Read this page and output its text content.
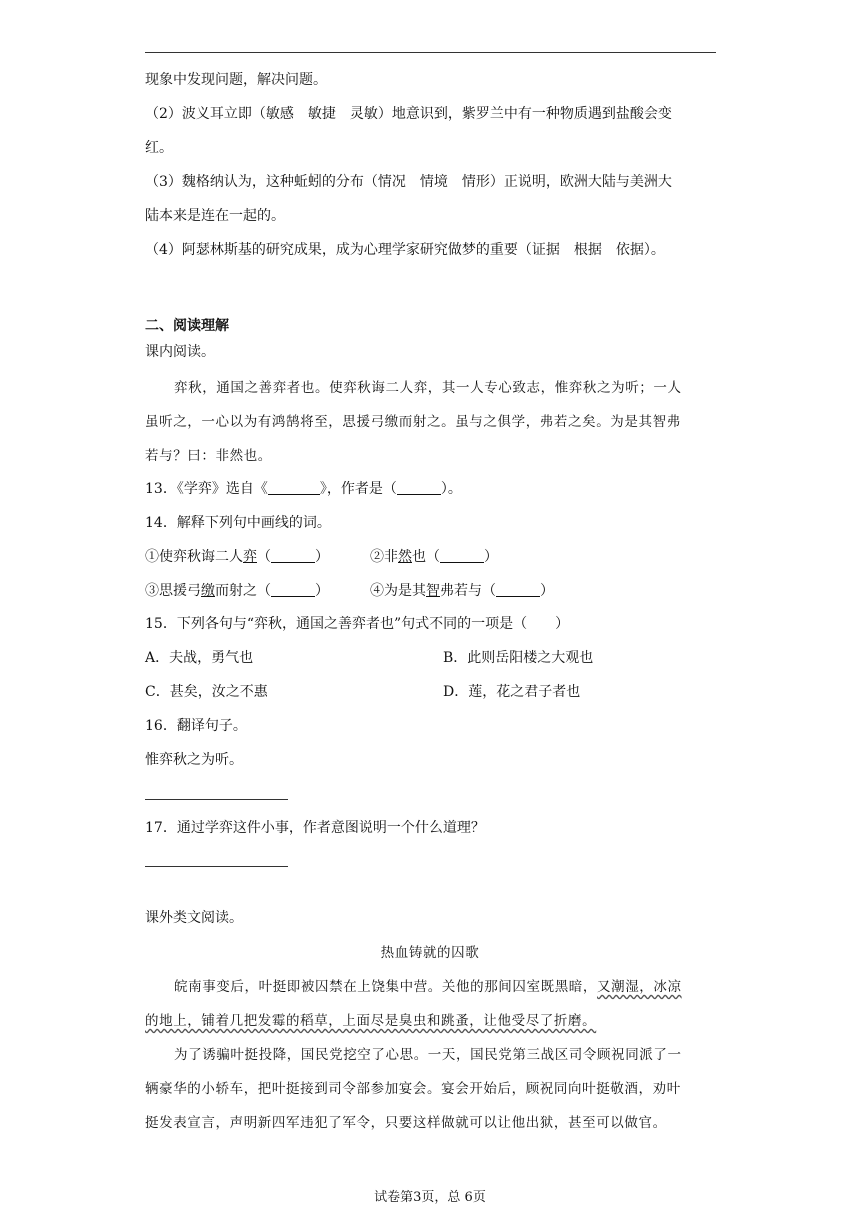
现象中发现问题，解决问题。
（2）波义耳立即（敏感　敏捷　灵敏）地意识到，紫罗兰中有一种物质遇到盐酸会变
红。
（3）魏格纳认为，这种蚯蚓的分布（情况　情境　情形）正说明，欧洲大陆与美洲大
陆本来是连在一起的。
（4）阿瑟林斯基的研究成果，成为心理学家研究做梦的重要（证据　根据　依据）。
二、阅读理解
课内阅读。
弈秋，通国之善弈者也。使弈秋诲二人弈，其一人专心致志，惟弈秋之为听；一人
虽听之，一心以为有鸿鹄将至，思援弓缴而射之。虽与之俱学，弗若之矣。为是其智弗
若与？曰：非然也。
13．《学弈》选自《	》，作者是（	）。
14．解释下列句中画线的词。
①使弈秋诲二人弈（	）	②非然也（	）
③思援弓缴而射之（	）	④为是其智弗若与（	）
15．下列各句与“弈秋，通国之善弈者也”句式不同的一项是（　　）
A．夫战，勇气也	B．此则岳阳楼之大观也
C．甚矣，汝之不惠	D．莲，花之君子者也
16．翻译句子。
惟弈秋之为听。
17．通过学弈这件小事，作者意图说明一个什么道理？
课外类文阅读。
热血铸就的囚歌
皖南事变后，叶挺即被囚禁在上饶集中营。关他的那间囚室既黑暗，又潮湿，冰凉
的地上，铺着几把发霉的稻草，上面尽是臭虫和跳蚤，让他受尽了折磨。
为了诱骗叶挺投降，国民党挖空了心思。一天，国民党第三战区司令顾祝同派了一
辆豪华的小轿车，把叶挺接到司令部参加宴会。宴会开始后，顾祝同向叶挺敬酒，劝叶
挺发表宣言，声明新四军违犯了军令，只要这样做就可以让他出狱，甚至可以做官。
试卷第3页，总 6页
